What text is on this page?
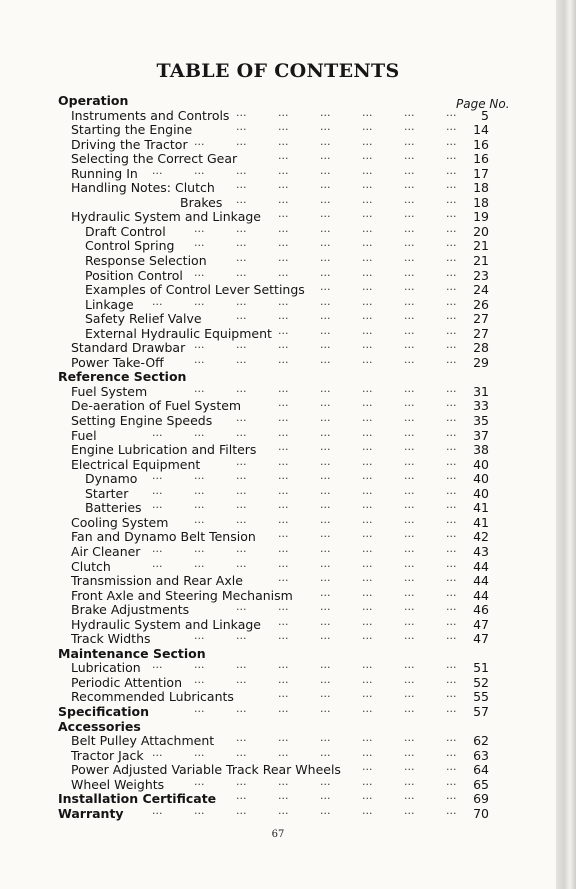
TABLE OF CONTENTS
Page No.
Operation
Instruments and Controls ...	...	...	...	...	...	5
Starting the Engine	...	...	...	...	...	...	14
Driving the Tractor ...	...	...	...	...	...	...	16
Selecting the Correct Gear	...	...	...	...	...	16
Running In ...	...	...	...	...	...	...	...	17
Handling Notes: Clutch ...	...	...	...	...	...	18
Brakes ...	...	...	...	...	...	18
Hydraulic System and Linkage ...	...	...	...	...	19
Draft Control	...	...	...	...	...	...	...	20
Control Spring ...	...	...	...	...	...	...	21
Response Selection	...	...	...	...	...	...	21
Position Control ...	...	...	...	...	...	...	23
Examples of Control Lever Settings ...	...	...	...	24
Linkage ...	...	...	...	...	...	...	...	26
Safety Relief Valve	...	...	...	...	...	...	27
External Hydraulic Equipment ...	...	...	...	...	27
Standard Drawbar ...	...	...	...	...	...	...	28
Power Take-Off	...	...	...	...	...	...	...	29
Reference Section
Fuel System	...	...	...	...	...	...	...	31
De-aeration of Fuel System	...	...	...	...	...	33
Setting Engine Speeds ...	...	...	...	...	...	35
Fuel	...	...	...	...	...	...	...	...	37
Engine Lubrication and Filters ...	...	...	...	...	38
Electrical Equipment	...	...	...	...	...	...	40
Dynamo ...	...	...	...	...	...	...	...	40
Starter ...	...	...	...	...	...	...	...	40
Batteries ...	...	...	...	...	...	...	...	41
Cooling System ...	...	...	...	...	...	...	41
Fan and Dynamo Belt Tension ...	...	...	...	...	42
Air Cleaner ...	...	...	...	...	...	...	...	43
Clutch	...	...	...	...	...	...	...	...	44
Transmission and Rear Axle	...	...	...	...	...	44
Front Axle and Steering Mechanism ...	...	...	...	44
Brake Adjustments	...	...	...	...	...	...	46
Hydraulic System and Linkage ...	...	...	...	...	47
Track Widths	...	...	...	...	...	...	...	47
Maintenance Section
Lubrication ...	...	...	...	...	...	...	...	51
Periodic Attention ...	...	...	...	...	...	...	52
Recommended Lubricants	...	...	...	...	...	55
Specification	...	...	...	...	...	...	...	57
Accessories
Belt Pulley Attachment ...	...	...	...	...	...	62
Tractor Jack ...	...	...	...	...	...	...	...	63
Power Adjusted Variable Track Rear Wheels ...	...	...	64
Wheel Weights	...	...	...	...	...	...	...	65
Installation Certificate ...	...	...	...	...	...	69
Warranty	...	...	...	...	...	...	...	...	70
67
